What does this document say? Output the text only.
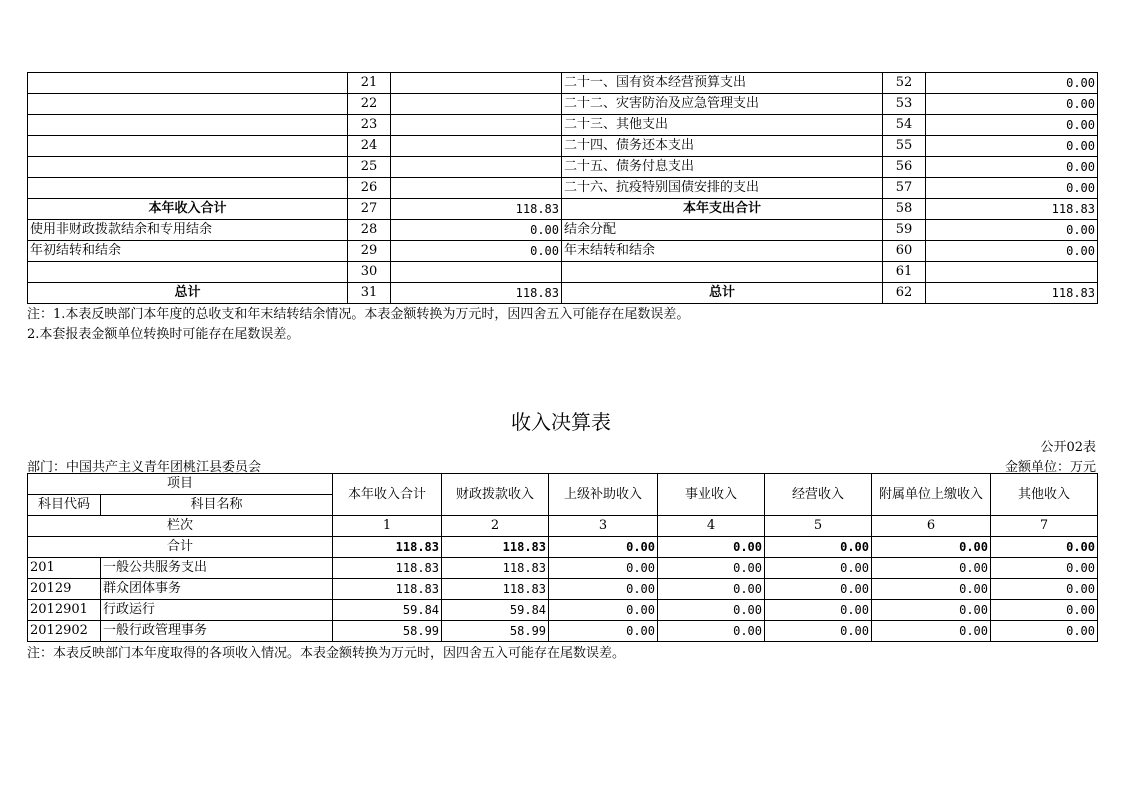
	21		二十一、国有资本经营预算支出	52	0.00
	22		二十二、灾害防治及应急管理支出	53	0.00
	23		二十三、其他支出	54	0.00
	24		二十四、债务还本支出	55	0.00
	25		二十五、债务付息支出	56	0.00
	26		二十六、抗疫特别国债安排的支出	57	0.00
本年收入合计	27	118.83	本年支出合计	58	118.83
使用非财政拨款结余和专用结余	28	0.00	结余分配	59	0.00
年初结转和结余	29	0.00	年末结转和结余	60	0.00
	30			61	
总计	31	118.83	总计	62	118.83
注：1.本表反映部门本年度的总收支和年末结转结余情况。本表金额转换为万元时，因四舍五入可能存在尾数误差。
2.本套报表金额单位转换时可能存在尾数误差。
收入决算表
公开02表
部门：中国共产主义青年团桃江县委员会	金额单位：万元
项目		本年收入合计	财政拨款收入	上级补助收入	事业收入	经营收入	附属单位上缴收入	其他收入
科目代码	科目名称							
栏次		1	2	3	4	5	6	7
合计		118.83	118.83	0.00	0.00	0.00	0.00	0.00
201	一般公共服务支出	118.83	118.83	0.00	0.00	0.00	0.00	0.00
20129	群众团体事务	118.83	118.83	0.00	0.00	0.00	0.00	0.00
2012901	行政运行	59.84	59.84	0.00	0.00	0.00	0.00	0.00
2012902	一般行政管理事务	58.99	58.99	0.00	0.00	0.00	0.00	0.00
注：本表反映部门本年度取得的各项收入情况。本表金额转换为万元时，因四舍五入可能存在尾数误差。
